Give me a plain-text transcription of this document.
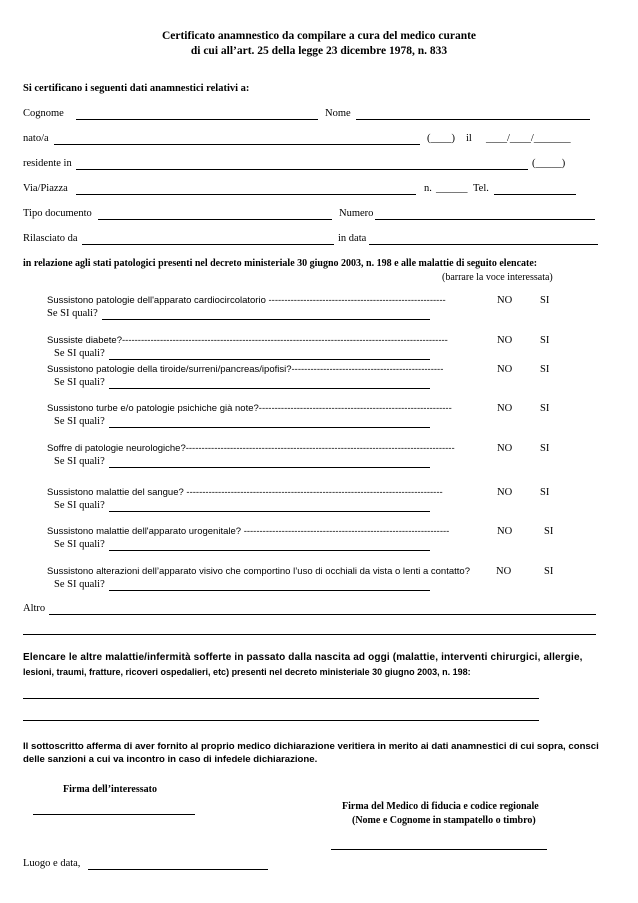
Certificato anamnestico da compilare a cura del medico curante
di cui all’art. 25 della legge 23 dicembre 1978, n. 833
Si certificano i seguenti dati anamnestici relativi a:
Cognome	Nome
nato/a	(____) il ____/____/_______
residente in	(_____)
Via/Piazza	n. ______ Tel.
Tipo documento	Numero
Rilasciato da	in data
in relazione agli stati patologici presenti nel decreto ministeriale 30 giugno 2003, n. 198 e alle malattie di seguito elencate:
(barrare la voce interessata)
Sussistono patologie dell'apparato cardiocircolatorio --------------------------------------------------------	NO	SI
Se SI quali?
Sussiste diabete?-------------------------------------------------------------------------------------------------------	NO	SI
Se SI quali?
Sussistono patologie della tiroide/surreni/pancreas/ipofisi?------------------------------------------------	NO	SI
Se SI quali?
Sussistono turbe e/o patologie psichiche già note?-------------------------------------------------------------	NO	SI
Se SI quali?
Soffre di patologie neurologiche?-------------------------------------------------------------------------------------	NO	SI
Se SI quali?
Sussistono malattie del sangue? ---------------------------------------------------------------------------------	NO	SI
Se SI quali?
Sussistono malattie dell'apparato urogenitale? -----------------------------------------------------------------	NO	SI
Se SI quali?
Sussistono alterazioni dell’apparato visivo che comportino l’uso di occhiali da vista o lenti a contatto? NO	SI
Se SI quali?
Altro
Elencare le altre malattie/infermità sofferte in passato dalla nascita ad oggi (malattie, interventi chirurgici, allergie,
lesioni, traumi, fratture, ricoveri ospedalieri, etc) presenti nel decreto ministeriale 30 giugno 2003, n. 198:
Il sottoscritto afferma di aver fornito al proprio medico dichiarazione veritiera in merito ai dati anamnestici di cui sopra, consci
delle sanzioni a cui va incontro in caso di infedele dichiarazione.
Firma dell’interessato
Firma del Medico di fiducia e codice regionale
(Nome e Cognome in stampatello o timbro)
Luogo e data,
